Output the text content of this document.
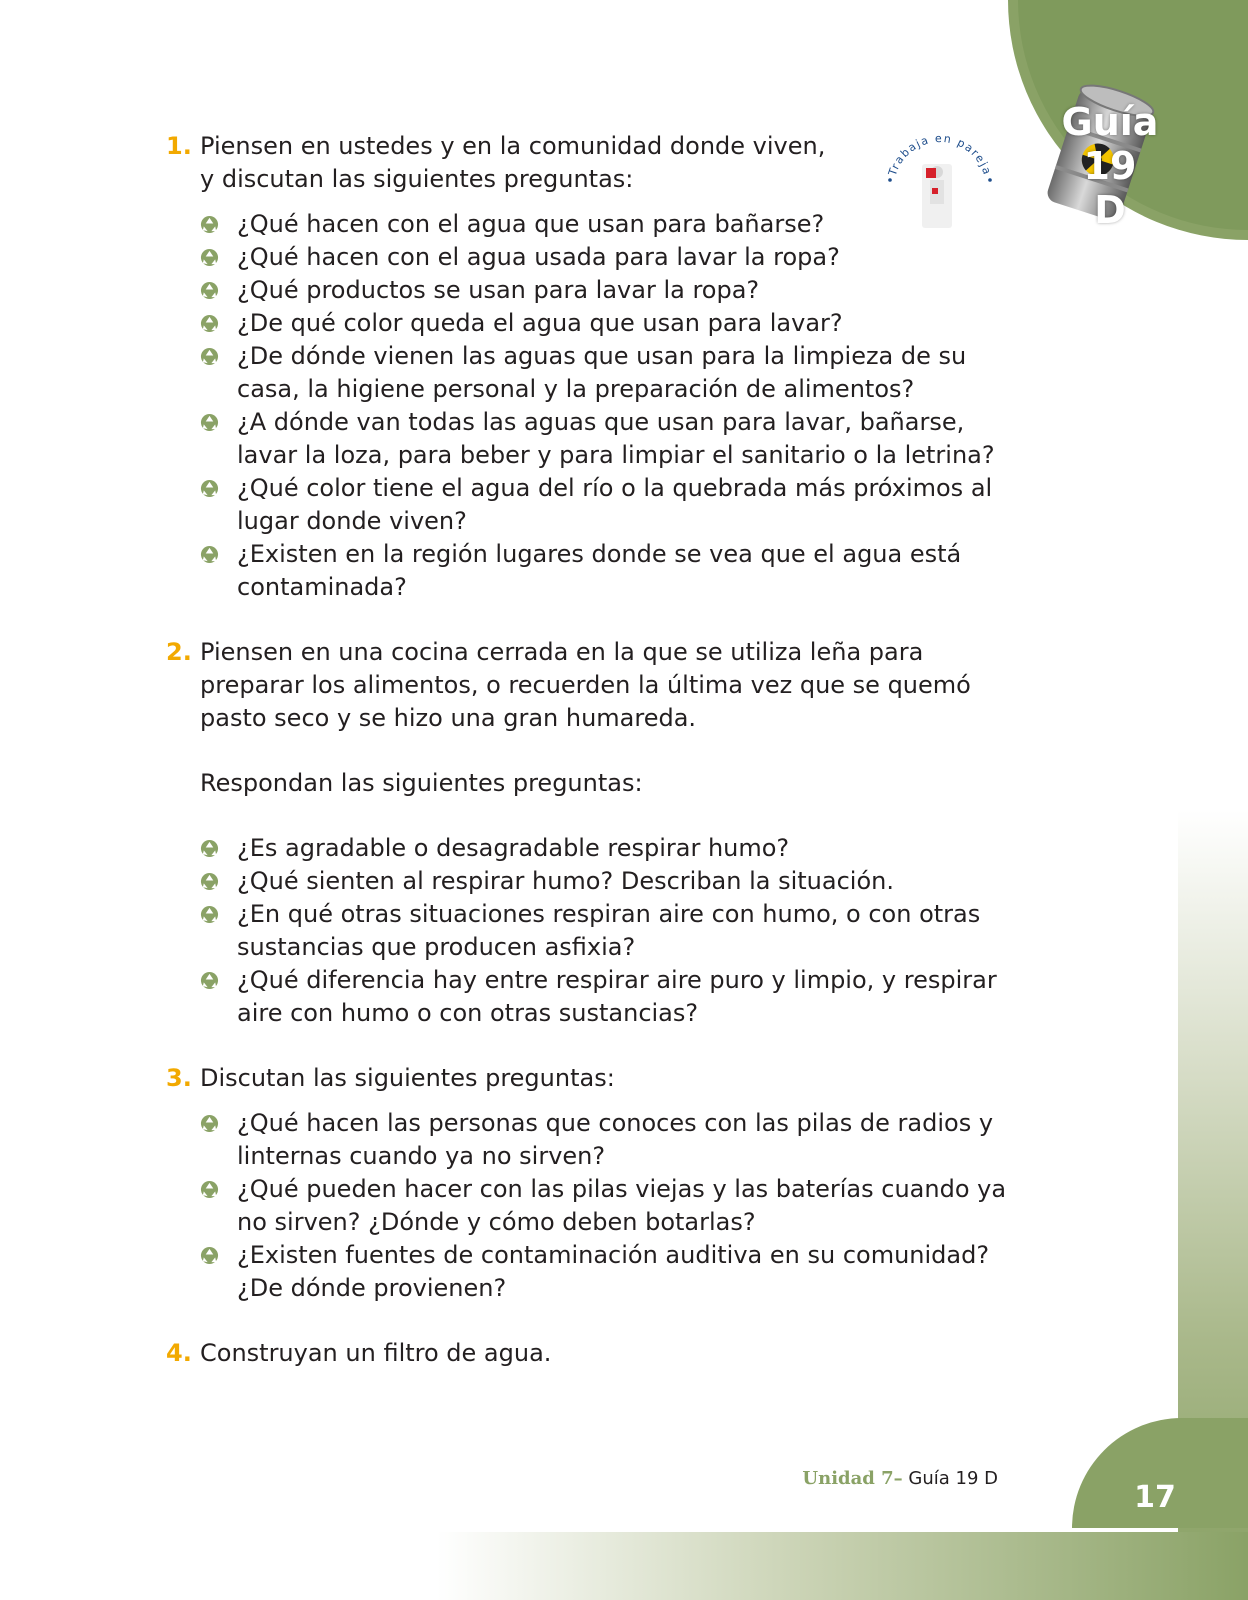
Guía 19
D
Trabaja en pareja
1. Piensen en ustedes y en la comunidad donde viven,
y discutan las siguientes preguntas:

¿Qué hacen con el agua que usan para bañarse?
¿Qué hacen con el agua usada para lavar la ropa?
¿Qué productos se usan para lavar la ropa?
¿De qué color queda el agua que usan para lavar?
¿De dónde vienen las aguas que usan para la limpieza de su casa, la higiene personal y la preparación de alimentos?
¿A dónde van todas las aguas que usan para lavar, bañarse, lavar la loza, para beber y para limpiar el sanitario o la letrina?
¿Qué color tiene el agua del río o la quebrada más próximos al lugar donde viven?
¿Existen en la región lugares donde se vea que el agua está contaminada?
2. Piensen en una cocina cerrada en la que se utiliza leña para preparar los alimentos, o recuerden la última vez que se quemó pasto seco y se hizo una gran humareda.

Respondan las siguientes preguntas:

¿Es agradable o desagradable respirar humo?
¿Qué sienten al respirar humo? Describan la situación.
¿En qué otras situaciones respiran aire con humo, o con otras sustancias que producen asfixia?
¿Qué diferencia hay entre respirar aire puro y limpio, y respirar aire con humo o con otras sustancias?
3. Discutan las siguientes preguntas:

¿Qué hacen las personas que conoces con las pilas de radios y linternas cuando ya no sirven?
¿Qué pueden hacer con las pilas viejas y las baterías cuando ya no sirven? ¿Dónde y cómo deben botarlas?
¿Existen fuentes de contaminación auditiva en su comunidad? ¿De dónde provienen?
4. Construyan un filtro de agua.

Unidad 7– Guía 19 D
17
